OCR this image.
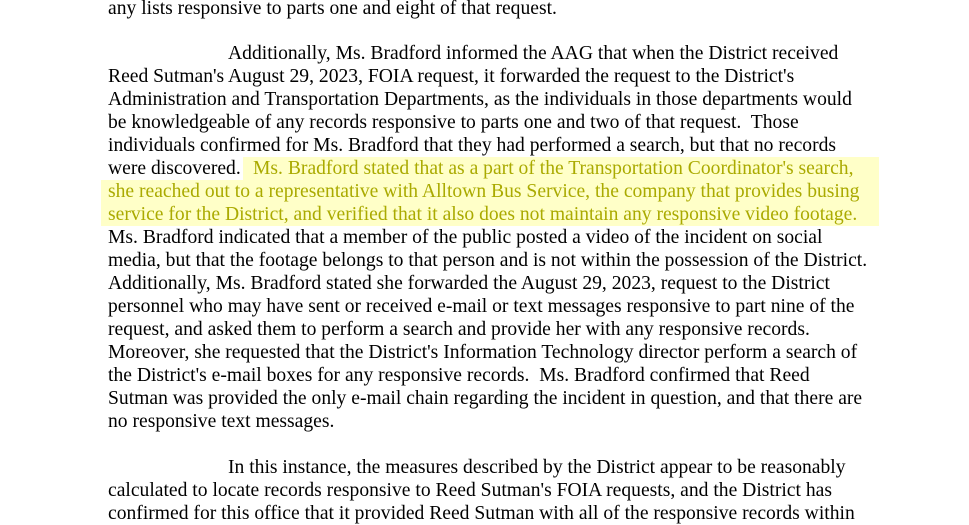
any lists responsive to parts one and eight of that request.
Additionally, Ms. Bradford informed the AAG that when the District received
Reed Sutman's August 29, 2023, FOIA request, it forwarded the request to the District's
Administration and Transportation Departments, as the individuals in those departments would
be knowledgeable of any records responsive to parts one and two of that request.  Those
individuals confirmed for Ms. Bradford that they had performed a search, but that no records
were discovered. Ms. Bradford stated that as a part of the Transportation Coordinator's search,
she reached out to a representative with Alltown Bus Service, the company that provides busing
service for the District, and verified that it also does not maintain any responsive video footage.
Ms. Bradford indicated that a member of the public posted a video of the incident on social
media, but that the footage belongs to that person and is not within the possession of the District.
Additionally, Ms. Bradford stated she forwarded the August 29, 2023, request to the District
personnel who may have sent or received e-mail or text messages responsive to part nine of the
request, and asked them to perform a search and provide her with any responsive records.
Moreover, she requested that the District's Information Technology director perform a search of
the District's e-mail boxes for any responsive records.  Ms. Bradford confirmed that Reed
Sutman was provided the only e-mail chain regarding the incident in question, and that there are
no responsive text messages.
In this instance, the measures described by the District appear to be reasonably
calculated to locate records responsive to Reed Sutman's FOIA requests, and the District has
confirmed for this office that it provided Reed Sutman with all of the responsive records within
